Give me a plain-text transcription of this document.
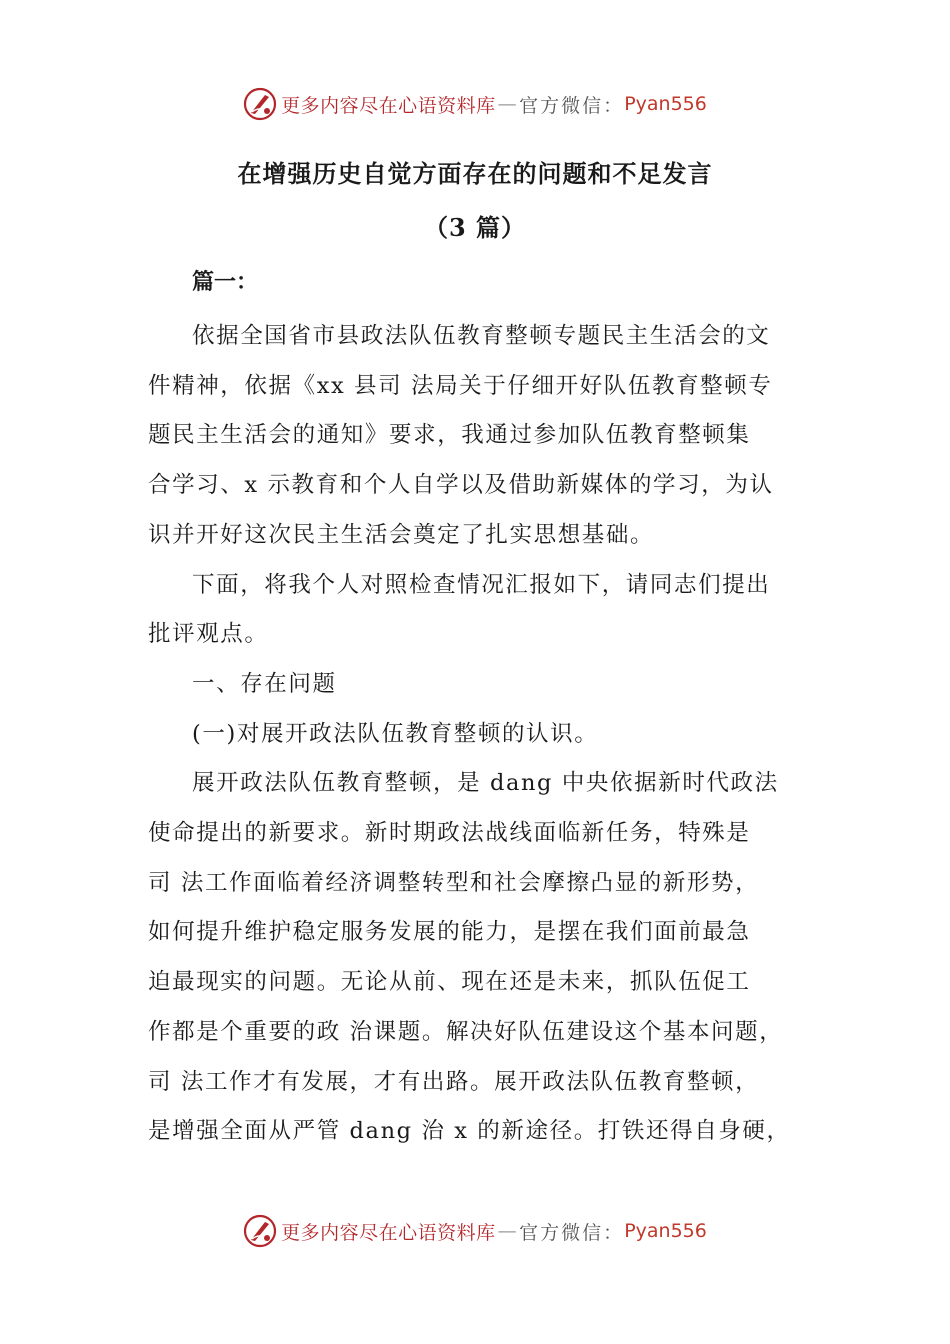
更多内容尽在心语资料库 — 官方微信： Pyan556
在增强历史自觉方面存在的问题和不足发言
（3 篇）
篇一：

依据全国省市县政法队伍教育整顿专题民主生活会的文
件精神，依据《xx 县司 法局关于仔细开好队伍教育整顿专
题民主生活会的通知》要求，我通过参加队伍教育整顿集
合学习、x 示教育和个人自学以及借助新媒体的学习，为认
识并开好这次民主生活会奠定了扎实思想基础。

下面，将我个人对照检查情况汇报如下，请同志们提出
批评观点。

一、存在问题

(一)对展开政法队伍教育整顿的认识。

展开政法队伍教育整顿，是 dang 中央依据新时代政法
使命提出的新要求。新时期政法战线面临新任务，特殊是
司 法工作面临着经济调整转型和社会摩擦凸显的新形势，
如何提升维护稳定服务发展的能力，是摆在我们面前最急
迫最现实的问题。无论从前、现在还是未来，抓队伍促工
作都是个重要的政 治课题。解决好队伍建设这个基本问题，
司 法工作才有发展，才有出路。展开政法队伍教育整顿，
是增强全面从严管 dang 治 x 的新途径。打铁还得自身硬，

更多内容尽在心语资料库 — 官方微信： Pyan556
